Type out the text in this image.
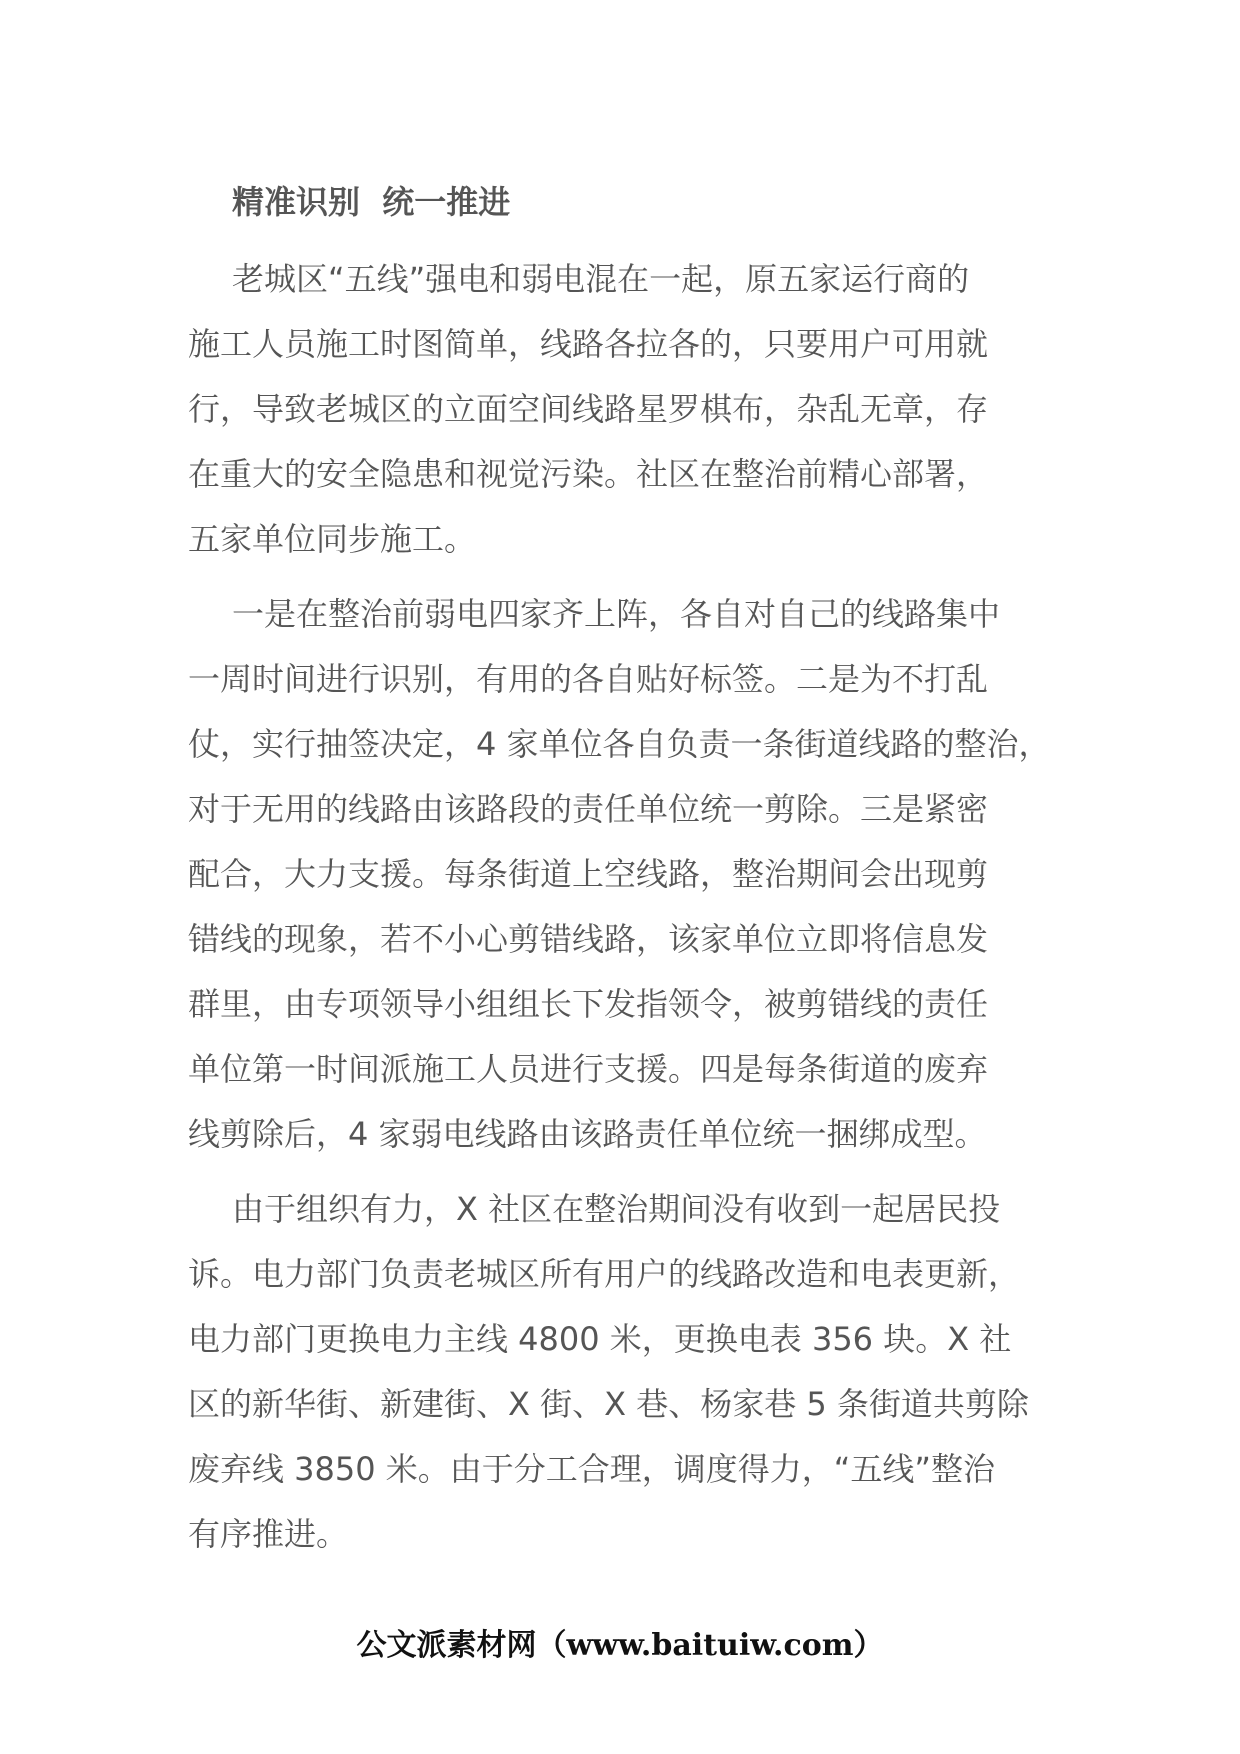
精准识别  统一推进
老城区“五线”强电和弱电混在一起，原五家运行商的
施工人员施工时图简单，线路各拉各的，只要用户可用就
行，导致老城区的立面空间线路星罗棋布，杂乱无章，存
在重大的安全隐患和视觉污染。社区在整治前精心部署，
五家单位同步施工。
一是在整治前弱电四家齐上阵，各自对自己的线路集中
一周时间进行识别，有用的各自贴好标签。二是为不打乱
仗，实行抽签决定，4 家单位各自负责一条街道线路的整治，
对于无用的线路由该路段的责任单位统一剪除。三是紧密
配合，大力支援。每条街道上空线路，整治期间会出现剪
错线的现象，若不小心剪错线路，该家单位立即将信息发
群里，由专项领导小组组长下发指领令，被剪错线的责任
单位第一时间派施工人员进行支援。四是每条街道的废弃
线剪除后，4 家弱电线路由该路责任单位统一捆绑成型。
由于组织有力，X 社区在整治期间没有收到一起居民投
诉。电力部门负责老城区所有用户的线路改造和电表更新，
电力部门更换电力主线 4800 米，更换电表 356 块。X 社
区的新华街、新建街、X 街、X 巷、杨家巷 5 条街道共剪除
废弃线 3850 米。由于分工合理，调度得力，“五线”整治
有序推进。
公文派素材网（www.baituiw.com）
